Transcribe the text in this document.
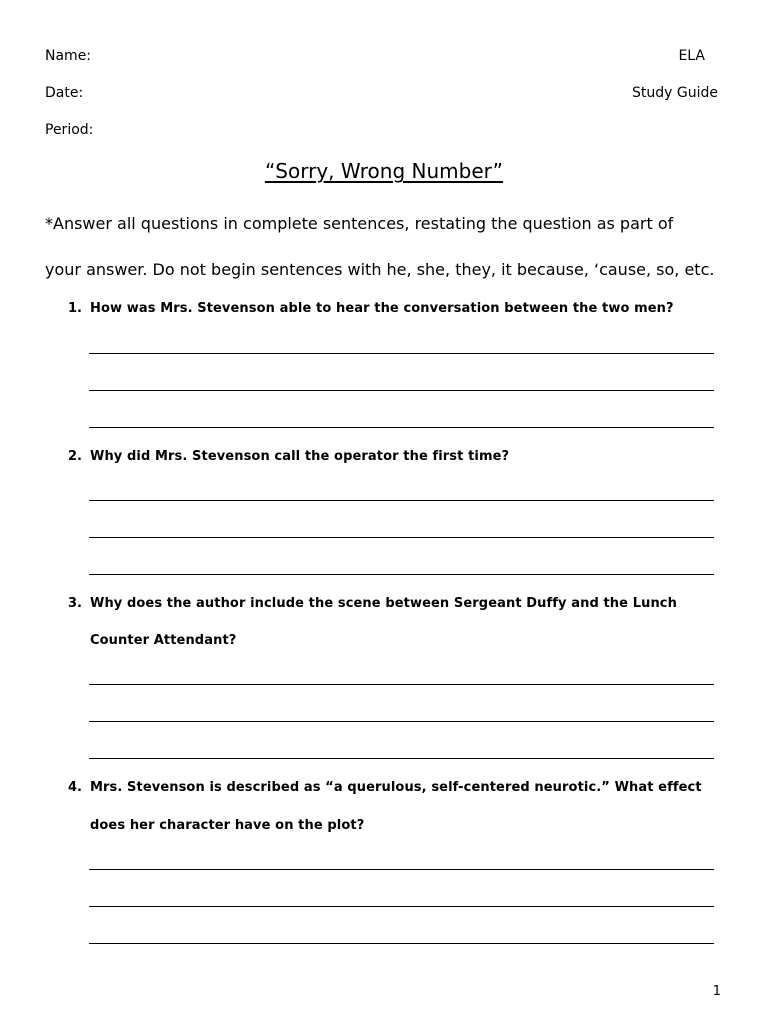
Name:
Date:
Period:
ELA
Study Guide
“Sorry, Wrong Number”
*Answer all questions in complete sentences, restating the question as part of
your answer. Do not begin sentences with he, she, they, it because, ‘cause, so, etc.
1. How was Mrs. Stevenson able to hear the conversation between the two men?
2. Why did Mrs. Stevenson call the operator the first time?
3. Why does the author include the scene between Sergeant Duffy and the Lunch
Counter Attendant?
4. Mrs. Stevenson is described as “a querulous, self-centered neurotic.” What effect
does her character have on the plot?
1
